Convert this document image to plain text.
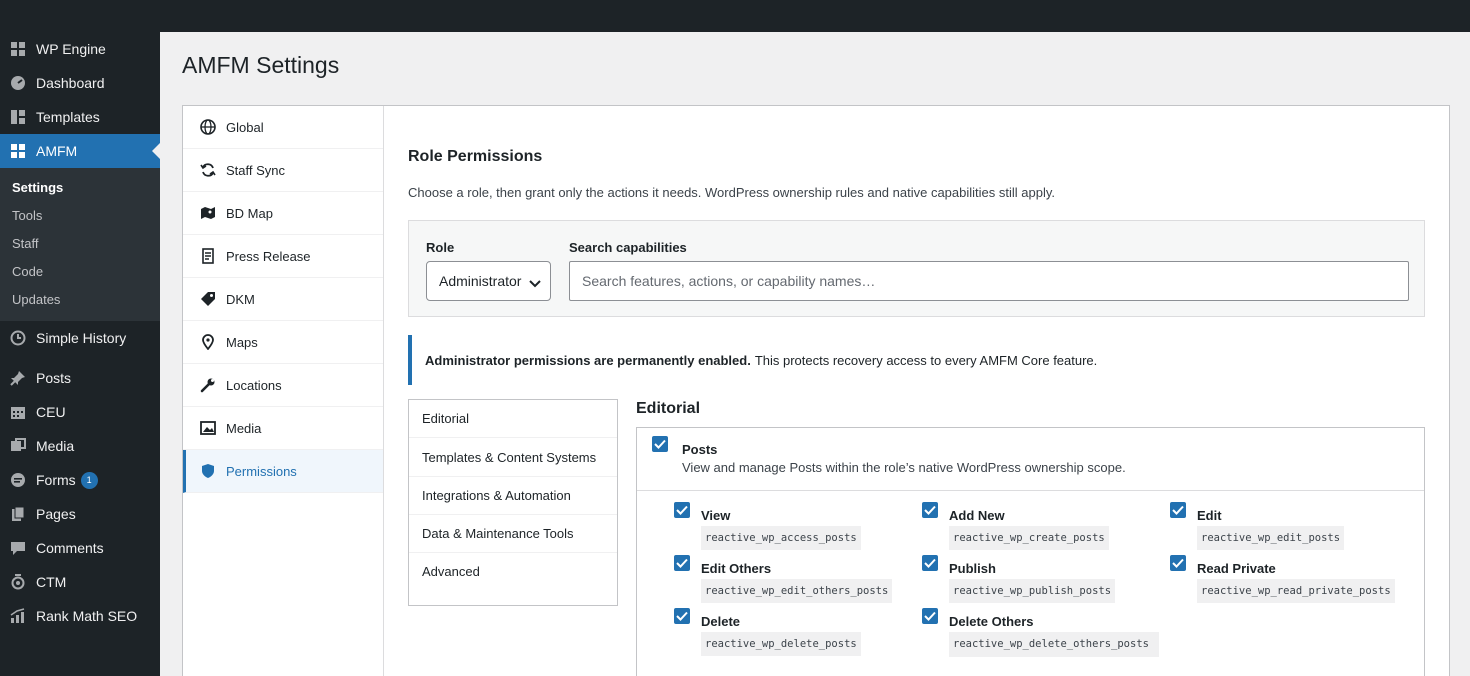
WP Engine
Dashboard
Templates
AMFM
Settings
Tools
Staff
Code
Updates
Simple History
Posts
CEU
Media
Forms	1
Pages
Comments
CTM
Rank Math SEO
AMFM Settings
Global
Staff Sync
BD Map
Press Release
DKM
Maps
Locations
Media
Permissions
Role Permissions

Choose a role, then grant only the actions it needs. WordPress ownership rules and native capabilities still apply.

Role	Search capabilities
Administrator
Search features, actions, or capability names…
Administrator permissions are permanently enabled. This protects recovery access to every AMFM Core feature.
Editorial
Templates & Content Systems
Integrations & Automation
Data & Maintenance Tools
Advanced
Editorial
Posts
View and manage Posts within the role’s native WordPress ownership scope.
View
reactive_wp_access_posts
Add New
reactive_wp_create_posts
Edit
reactive_wp_edit_posts
Edit Others
reactive_wp_edit_others_posts
Publish
reactive_wp_publish_posts
Read Private
reactive_wp_read_private_posts
Delete
reactive_wp_delete_posts
Delete Others
reactive_wp_delete_others_posts
